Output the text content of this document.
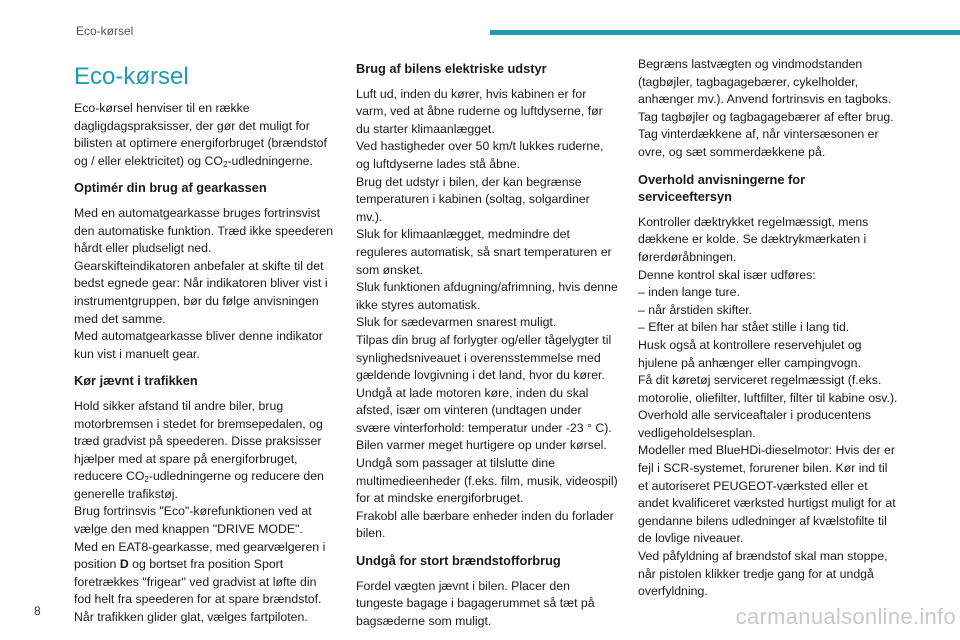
Eco-kørsel
Eco-kørsel

Eco-kørsel henviser til en række dagligdagspraksisser, der gør det muligt for bilisten at optimere energiforbruget (brændstof og / eller elektricitet) og $CO_2$-udledningerne.

Optimér din brug af gearkassen

Med en automatgearkasse bruges fortrinsvist den automatiske funktion. Træd ikke speederen hårdt eller pludseligt ned.

Gearskifteindikatoren anbefaler at skifte til det bedst egnede gear: Når indikatoren bliver vist i instrumentgruppen, bør du følge anvisningen med det samme.

Med automatgearkasse bliver denne indikator kun vist i manuelt gear.

Kør jævnt i trafikken

Hold sikker afstand til andre biler, brug motorbremsen i stedet for bremsepedalen, og træd gradvist på speederen. Disse praksisser hjælper med at spare på energiforbruget, reducere $CO_2$-udledningerne og reducere den generelle trafikstøj.

Brug fortrinsvis "Eco"-kørefunktionen ved at vælge den med knappen "DRIVE MODE".

Med en EAT8-gearkasse, med gearvælgeren i position D og bortset fra position Sport foretrækkes "frigear" ved gradvist at løfte din fod helt fra speederen for at spare brændstof.

Når trafikken glider glat, vælges fartpiloten.

Brug af bilens elektriske udstyr

Luft ud, inden du kører, hvis kabinen er for varm, ved at åbne ruderne og luftdyserne, før du starter klimaanlægget.

Ved hastigheder over 50 km/t lukkes ruderne, og luftdyserne lades stå åbne.

Brug det udstyr i bilen, der kan begrænse temperaturen i kabinen (soltag, solgardiner mv.).

Sluk for klimaanlægget, medmindre det reguleres automatisk, så snart temperaturen er som ønsket.

Sluk funktionen afdugning/afrimning, hvis denne ikke styres automatisk.

Sluk for sædevarmen snarest muligt.

Tilpas din brug af forlygter og/eller tågelygter til synlighedsniveauet i overensstemmelse med gældende lovgivning i det land, hvor du kører.

Undgå at lade motoren køre, inden du skal afsted, især om vinteren (undtagen under svære vinterforhold: temperatur under -23 ° C). Bilen varmer meget hurtigere op under kørsel.

Undgå som passager at tilslutte dine multimedieenheder (f.eks. film, musik, videospil) for at mindske energiforbruget.

Frakobl alle bærbare enheder inden du forlader bilen.

Undgå for stort brændstofforbrug

Fordel vægten jævnt i bilen. Placer den tungeste bagage i bagagerummet så tæt på bagsæderne som muligt.

Begræns lastvægten og vindmodstanden (tagbøjler, tagbagagebærer, cykelholder, anhænger mv.). Anvend fortrinsvis en tagboks.

Tag tagbøjler og tagbagagebærer af efter brug.

Tag vinterdækkene af, når vintersæsonen er ovre, og sæt sommerdækkene på.

Overhold anvisningerne for serviceeftersyn

Kontroller dæktrykket regelmæssigt, mens dækkene er kolde. Se dæktrykmærkaten i førerdøråbningen.

Denne kontrol skal især udføres:

– inden lange ture.

– når årstiden skifter.

– Efter at bilen har stået stille i lang tid.

Husk også at kontrollere reservehjulet og hjulene på anhænger eller campingvogn.

Få dit køretøj serviceret regelmæssigt (f.eks. motorolie, oliefilter, luftfilter, filter til kabine osv.).

Overhold alle serviceaftaler i producentens vedligeholdelsesplan.

Modeller med BlueHDi-dieselmotor: Hvis der er fejl i SCR-systemet, forurener bilen. Kør ind til et autoriseret PEUGEOT-værksted eller et andet kvalificeret værksted hurtigst muligt for at gendanne bilens udledninger af kvælstofilte til de lovlige niveauer.

Ved påfyldning af brændstof skal man stoppe, når pistolen klikker tredje gang for at undgå overfyldning.

8	carmanualsonline.info
